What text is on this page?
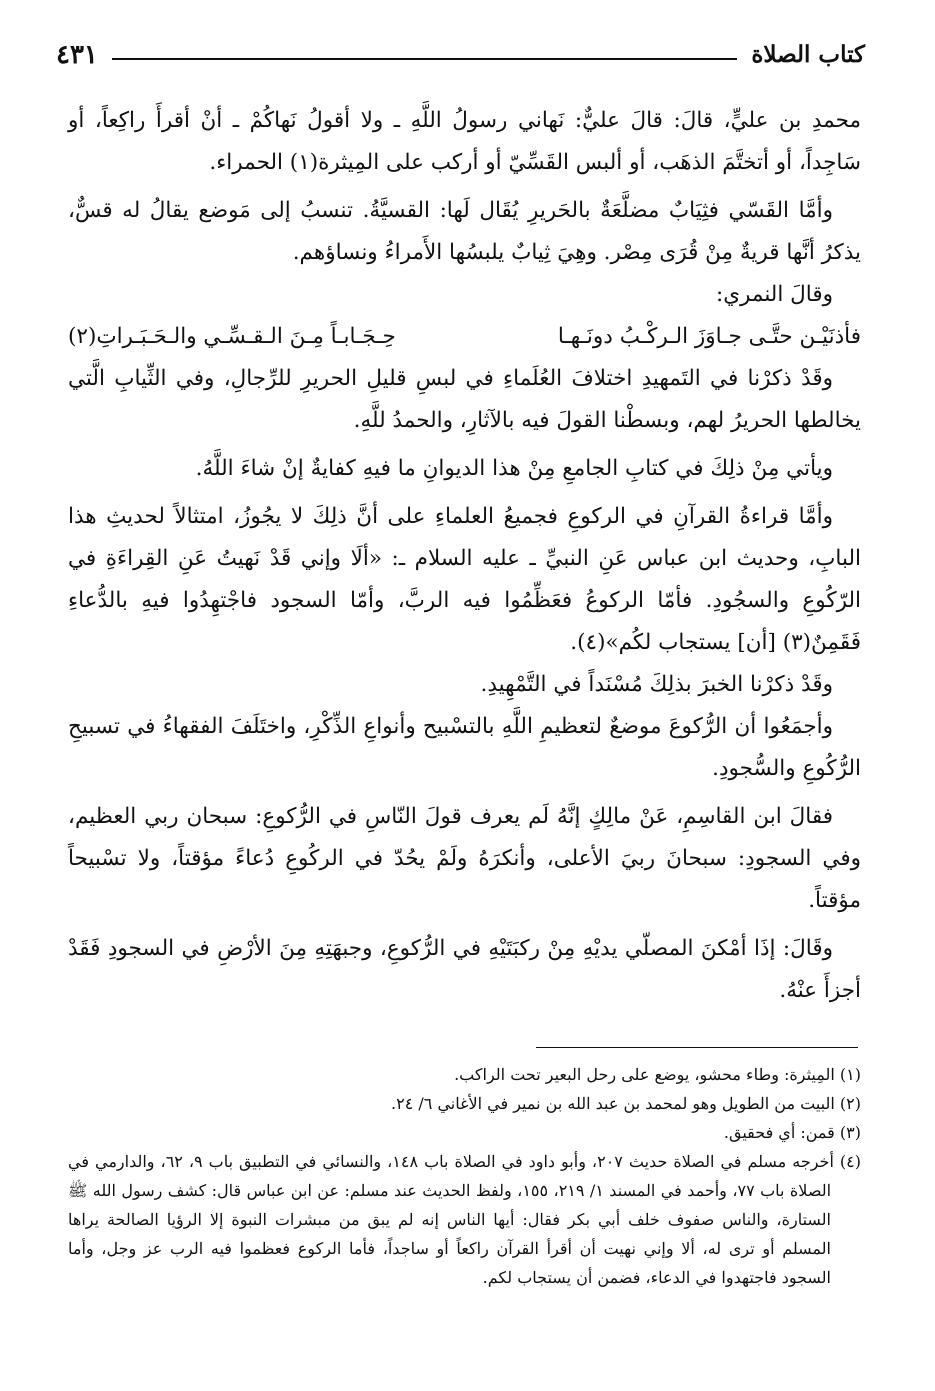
كتاب الصلاة
٤٣١

محمدِ بن عليٍّ، قالَ: قالَ عليٌّ: نَهاني رسولُ اللَّهِ ـ ولا أقولُ نَهاكُمْ ـ أنْ أقرأَ راكِعاً، أو سَاجِداً، أو أتختَّمَ الذهَب، أو ألبس القَسِّيّ أو أركب على المِيثرة(١) الحمراء.

وأمَّا القَسّي فثِيَابٌ مضلَّعَةٌ بالحَريرِ يُقَال لَها: القسيَّةُ. تنسبُ إلى مَوضع يقالُ له قسٌّ، يذكرُ أنَّها قريةٌ مِنْ قُرَى مِصْر. وهِيَ ثِيابٌ يلبسُها الأَمراءُ ونساؤهم.

وقالَ النمري:

فأذنَيْـن حتَّـى جـاوَزَ الـركْـبُ دونَـهـا
حِـجَـابـاً مِـنَ الـقـسِّـي والـحَـبَـراتِ(٢)

وقَدْ ذكرْنا في التَمهيدِ اختلافَ العُلَماءِ في لبسِ قليلِ الحريرِ للرِّجالِ، وفي الثِّيابِ الَّتي يخالطها الحريرُ لهم، وبسطْنا القولَ فيه بالآثارِ، والحمدُ للَّهِ.

ويأتي مِنْ ذلِكَ في كتابِ الجامعِ مِنْ هذا الديوانِ ما فيهِ كفايةٌ إنْ شاءَ اللَّهُ.

وأمَّا قراءةُ القرآنِ في الركوعِ فجميعُ العلماءِ على أنَّ ذلِكَ لا يجُوزُ، امتثالاً لحديثِ هذا البابِ، وحديث ابن عباس عَنِ النبيِّ ـ عليه السلام ـ: «ألَا وإني قَدْ نَهيتُ عَنِ القِراءَةِ في الرّكُوعِ والسجُودِ. فأمّا الركوعُ فعَظِّمُوا فيه الربَّ، وأمّا السجود فاجْتهِدُوا فيهِ بالدُّعاءِ فَقَمِنٌ(٣) [أن] يستجاب لكُم»(٤).

وقَدْ ذكرْنا الخبرَ بذلِكَ مُسْنَداً في التَّمْهِيدِ.

وأجمَعُوا أن الرُّكوعَ موضعٌ لتعظيمِ اللَّهِ بالتسْبيح وأنواعِ الذِّكْرِ، واختَلَفَ الفقهاءُ في تسبيحِ الرُّكُوعِ والسُّجودِ.

فقالَ ابن القاسِمِ، عَنْ مالِكٍ إنَّهُ لَم يعرف قولَ النّاسِ في الرُّكوعِ: سبحان ربي العظيم، وفي السجودِ: سبحانَ ربيَ الأعلى، وأنكرَهُ ولَمْ يحُدّ في الركُوعِ دُعاءً مؤقتاً، ولا تسْبيحاً مؤقتاً.

وقَالَ: إذَا أمْكنَ المصلّي يديْهِ مِنْ ركبَتَيْهِ في الرُّكوعِ، وجبهَتِهِ مِنَ الأرْضِ في السجودِ فَقَدْ أجزأَ عنْهُ.

(١) المِيثرة: وطاء محشو، يوضع على رحل البعير تحت الراكب.

(٢) البيت من الطويل وهو لمحمد بن عبد الله بن نمير في الأغاني ٦/ ٢٤.

(٣) قمن: أي فحقيق.

(٤) أخرجه مسلم في الصلاة حديث ٢٠٧، وأبو داود في الصلاة باب ١٤٨، والنسائي في التطبيق باب ٩، ٦٢، والدارمي في الصلاة باب ٧٧، وأحمد في المسند ١/ ٢١٩، ١٥٥، ولفظ الحديث عند مسلم: عن ابن عباس قال: كشف رسول الله ﷺ الستارة، والناس صفوف خلف أبي بكر فقال: أيها الناس إنه لم يبق من مبشرات النبوة إلا الرؤيا الصالحة يراها المسلم أو ترى له، ألا وإني نهيت أن أقرأ القرآن راكعاً أو ساجداً، فأما الركوع فعظموا فيه الرب عز وجل، وأما السجود فاجتهدوا في الدعاء، فضمن أن يستجاب لكم.
